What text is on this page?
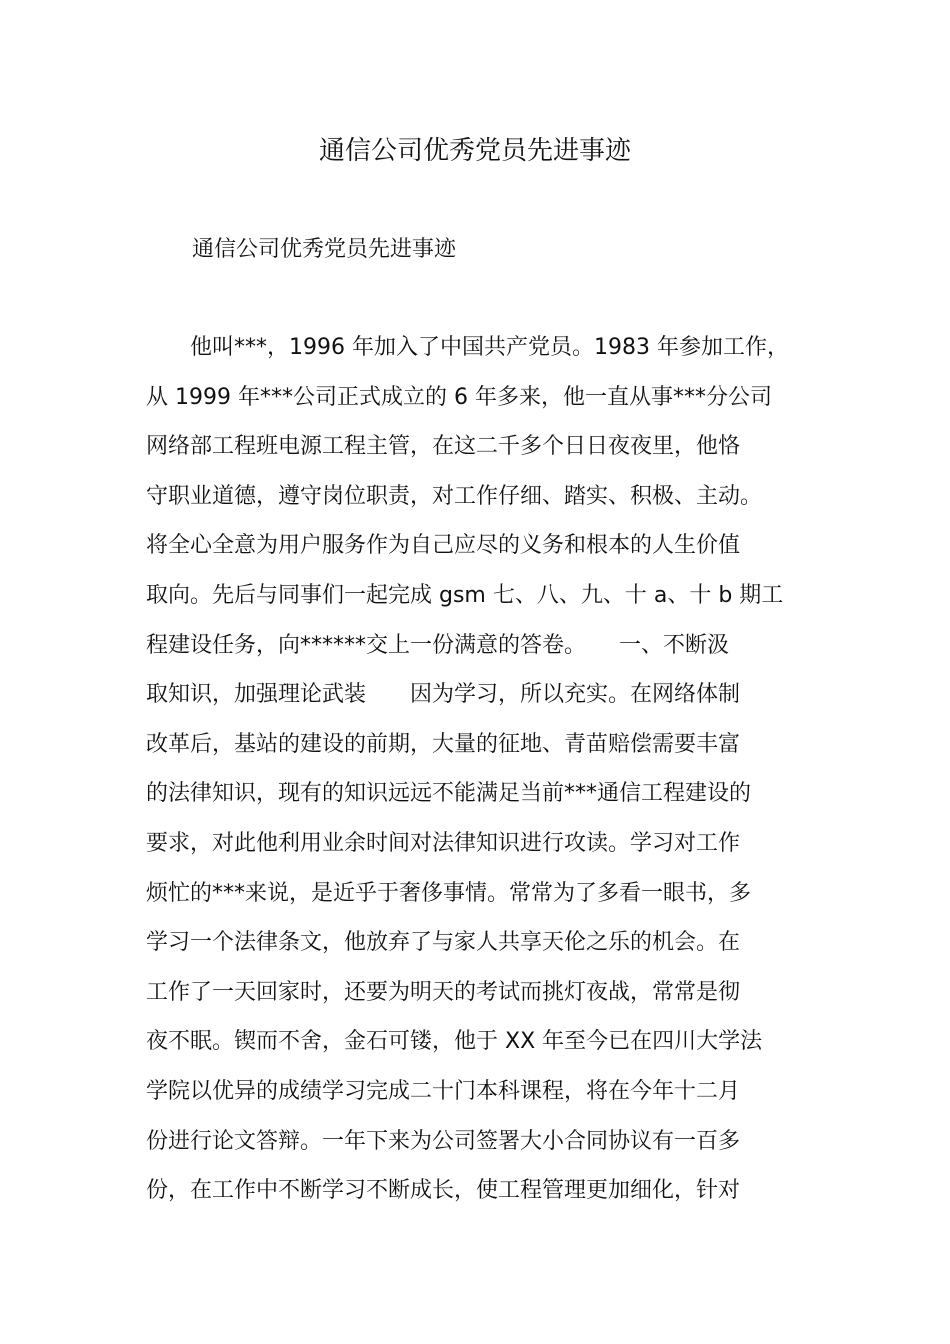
通信公司优秀党员先进事迹
通信公司优秀党员先进事迹
　　他叫***，1996 年加入了中国共产党员。1983 年参加工作，
从 1999 年***公司正式成立的 6 年多来，他一直从事***分公司
网络部工程班电源工程主管，在这二千多个日日夜夜里，他恪
守职业道德，遵守岗位职责，对工作仔细、踏实、积极、主动。
将全心全意为用户服务作为自己应尽的义务和根本的人生价值
取向。先后与同事们一起完成 gsm 七、八、九、十 a、十 b 期工
程建设任务，向******交上一份满意的答卷。　　一、不断汲
取知识，加强理论武装　　因为学习，所以充实。在网络体制
改革后，基站的建设的前期，大量的征地、青苗赔偿需要丰富
的法律知识，现有的知识远远不能满足当前***通信工程建设的
要求，对此他利用业余时间对法律知识进行攻读。学习对工作
烦忙的***来说，是近乎于奢侈事情。常常为了多看一眼书，多
学习一个法律条文，他放弃了与家人共享天伦之乐的机会。在
工作了一天回家时，还要为明天的考试而挑灯夜战，常常是彻
夜不眠。锲而不舍，金石可镂，他于 XX 年至今已在四川大学法
学院以优异的成绩学习完成二十门本科课程，将在今年十二月
份进行论文答辩。一年下来为公司签署大小合同协议有一百多
份，在工作中不断学习不断成长，使工程管理更加细化，针对
